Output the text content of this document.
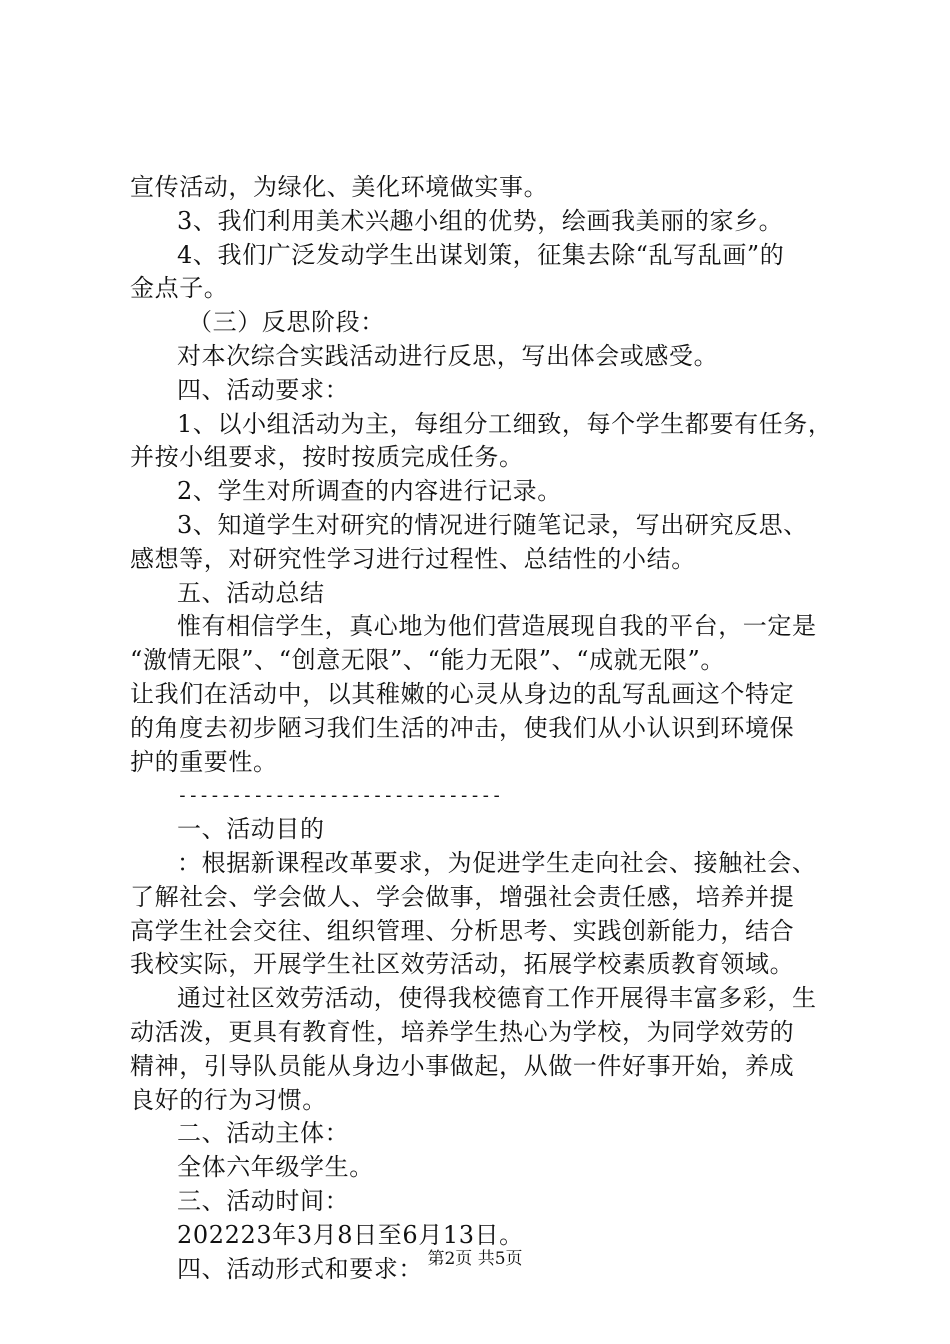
宣传活动，为绿化、美化环境做实事。

3、我们利用美术兴趣小组的优势，绘画我美丽的家乡。

4、我们广泛发动学生出谋划策，征集去除“乱写乱画”的

金点子。

（三）反思阶段：

对本次综合实践活动进行反思，写出体会或感受。

四、活动要求：

1、以小组活动为主，每组分工细致，每个学生都要有任务，

并按小组要求，按时按质完成任务。

2、学生对所调查的内容进行记录。

3、知道学生对研究的情况进行随笔记录，写出研究反思、

感想等，对研究性学习进行过程性、总结性的小结。

五、活动总结

惟有相信学生，真心地为他们营造展现自我的平台，一定是

“激情无限”、“创意无限”、“能力无限”、“成就无限”。

让我们在活动中，以其稚嫩的心灵从身边的乱写乱画这个特定

的角度去初步陋习我们生活的冲击，使我们从小认识到环境保

护的重要性。

------------------------------

一、活动目的

：根据新课程改革要求，为促进学生走向社会、接触社会、

了解社会、学会做人、学会做事，增强社会责任感，培养并提

高学生社会交往、组织管理、分析思考、实践创新能力，结合

我校实际，开展学生社区效劳活动，拓展学校素质教育领域。

通过社区效劳活动，使得我校德育工作开展得丰富多彩，生

动活泼，更具有教育性，培养学生热心为学校，为同学效劳的

精神，引导队员能从身边小事做起，从做一件好事开始，养成

良好的行为习惯。

二、活动主体：

全体六年级学生。

三、活动时间：

202223年3月8日至6月13日。

四、活动形式和要求： 第2页 共5页
